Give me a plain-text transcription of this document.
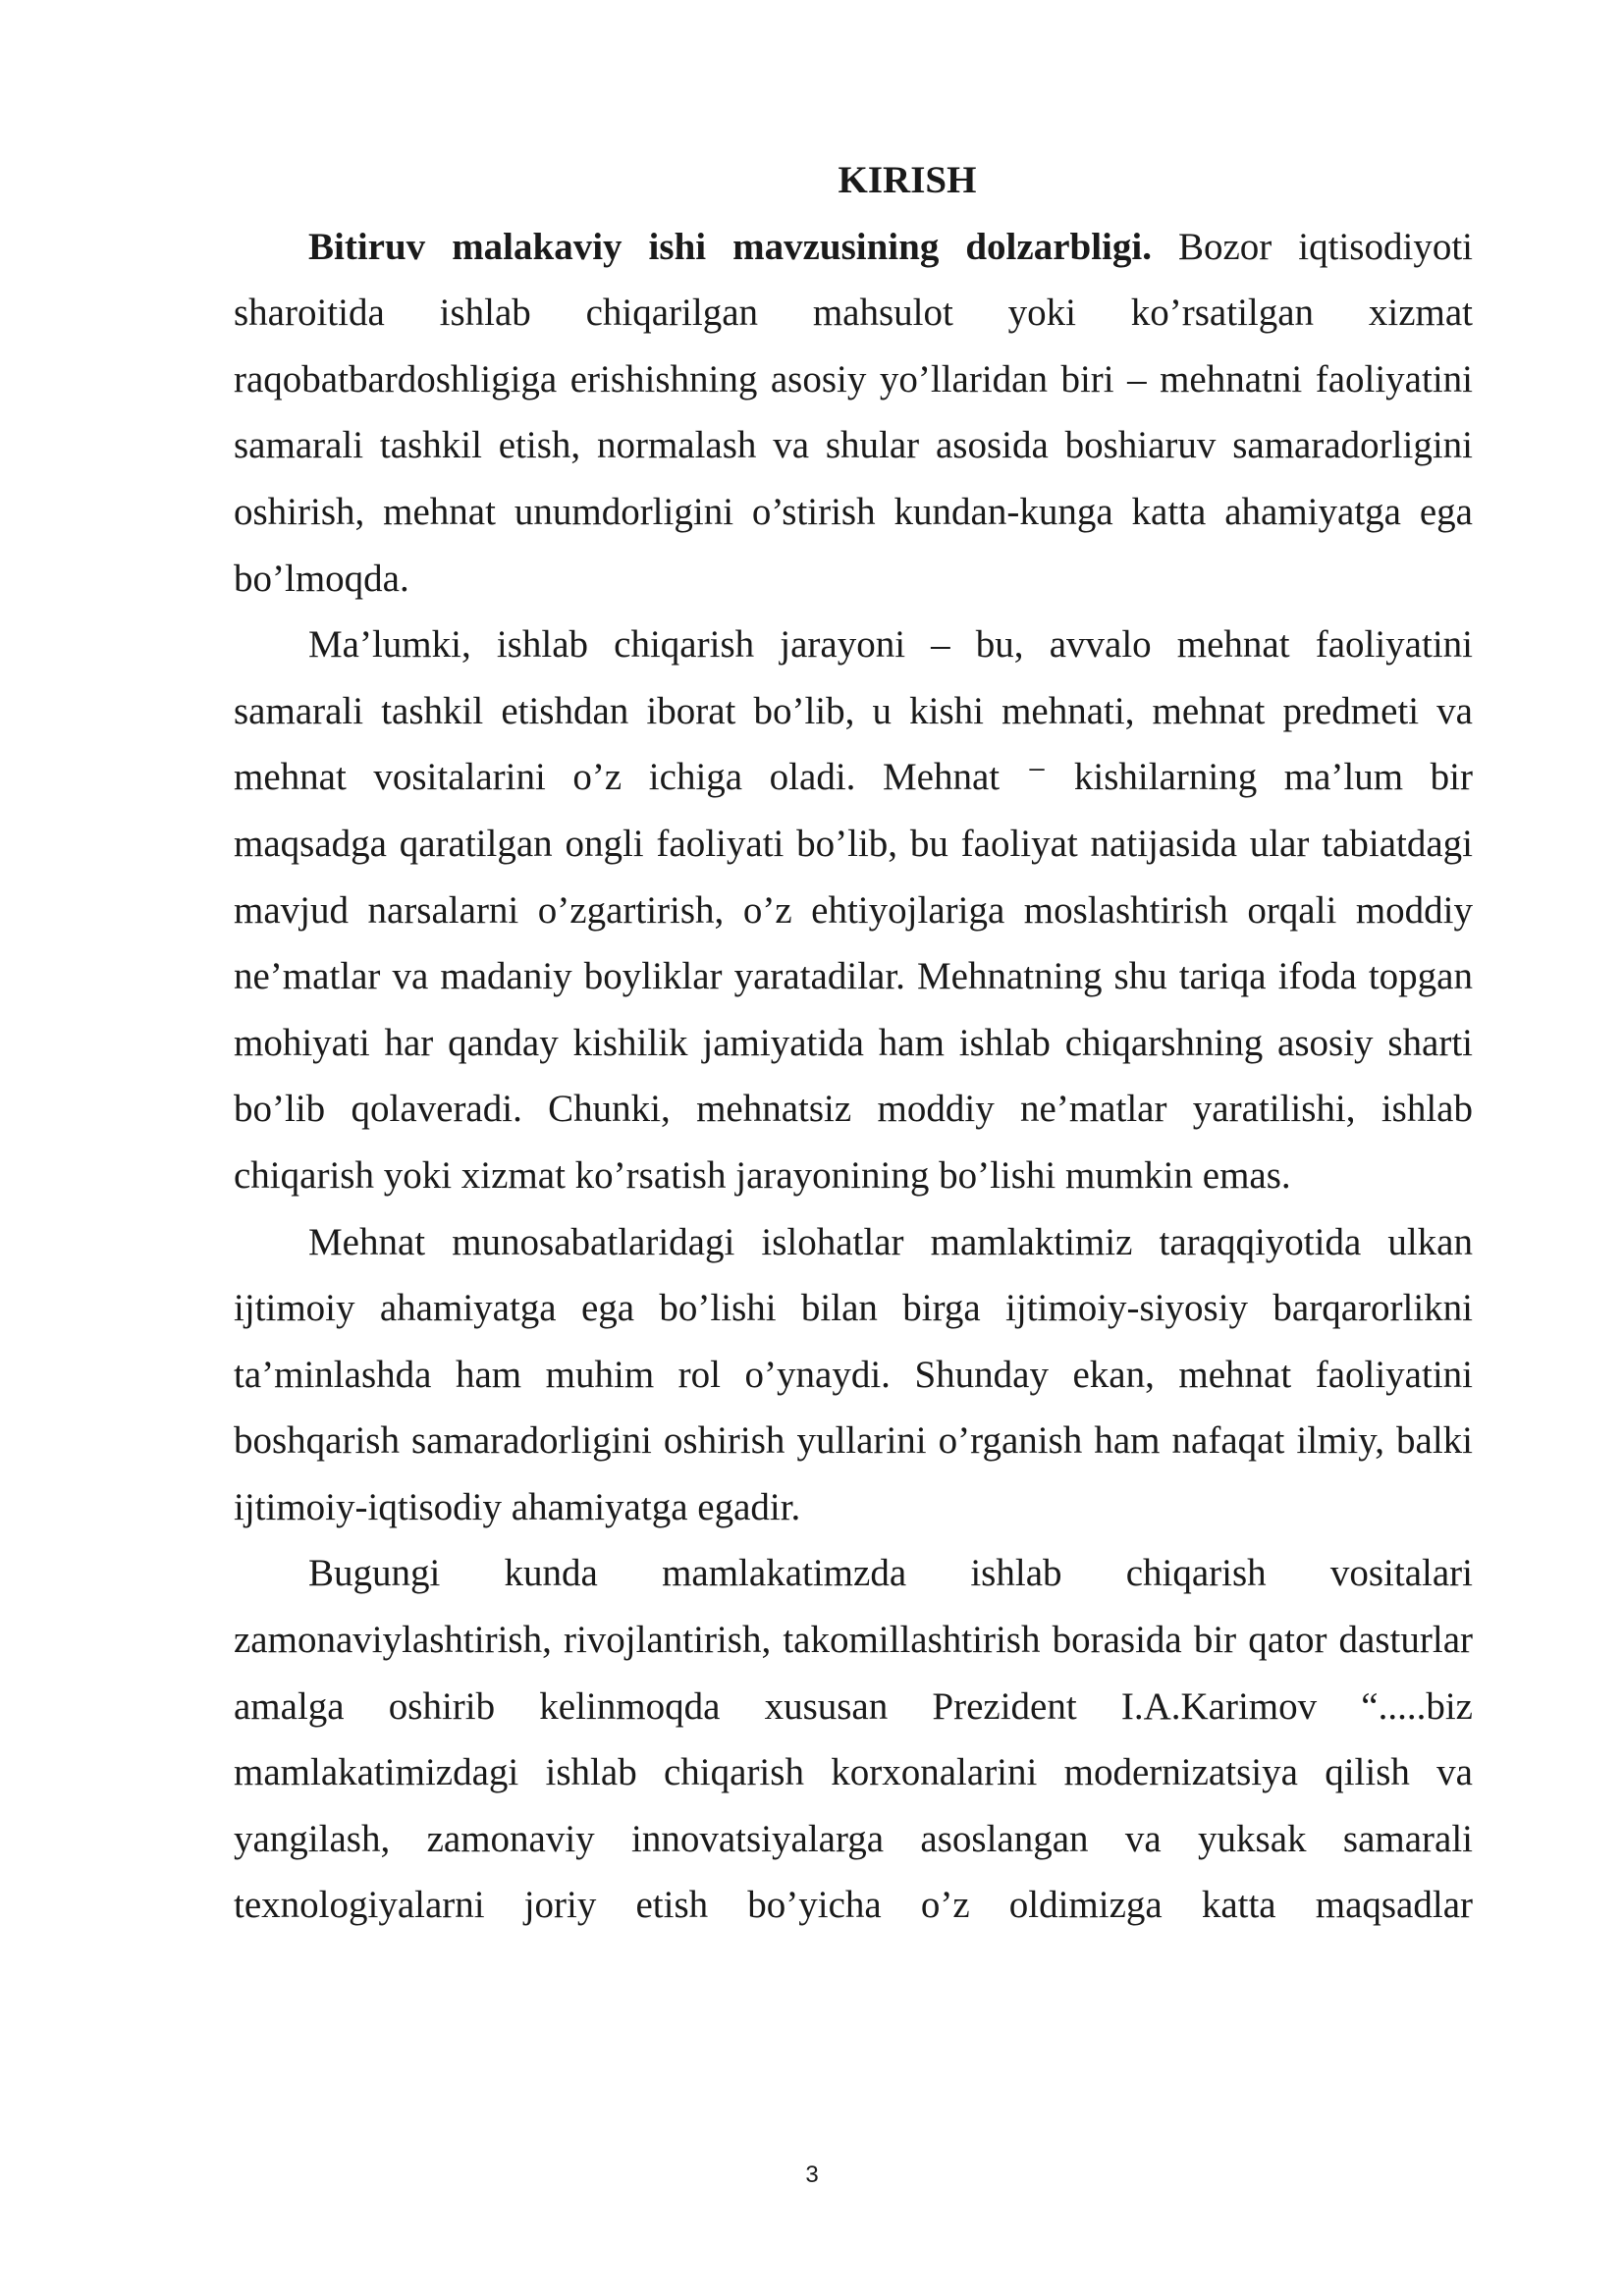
KIRISH

Bitiruv malakaviy ishi mavzusining dolzarbligi. Bozor iqtisodiyoti sharoitida ishlab chiqarilgan mahsulot yoki ko’rsatilgan xizmat raqobatbardoshligiga erishishning asosiy yo’llaridan biri – mehnatni faoliyatini samarali tashkil etish, normalash va shular asosida boshiaruv samaradorligini oshirish, mehnat unumdorligini o’stirish kundan-kunga katta ahamiyatga ega bo’lmoqda.

Ma’lumki, ishlab chiqarish jarayoni – bu, avvalo mehnat faoliyatini samarali tashkil etishdan iborat bo’lib, u kishi mehnati, mehnat predmeti va mehnat vositalarini o’z ichiga oladi. Mehnat ⁻ kishilarning ma’lum bir maqsadga qaratilgan ongli faoliyati bo’lib, bu faoliyat natijasida ular tabiatdagi mavjud narsalarni o’zgartirish, o’z ehtiyojlariga moslashtirish orqali moddiy ne’matlar va madaniy boyliklar yaratadilar. Mehnatning shu tariqa ifoda topgan mohiyati har qanday kishilik jamiyatida ham ishlab chiqarshning asosiy sharti bo’lib qolaveradi. Chunki, mehnatsiz moddiy ne’matlar yaratilishi, ishlab chiqarish yoki xizmat ko’rsatish jarayonining bo’lishi mumkin emas.

Mehnat munosabatlaridagi islohatlar mamlaktimiz taraqqiyotida ulkan ijtimoiy ahamiyatga ega bo’lishi bilan birga ijtimoiy-siyosiy barqarorlikni ta’minlashda ham muhim rol o’ynaydi. Shunday ekan, mehnat faoliyatini boshqarish samaradorligini oshirish yullarini o’rganish ham nafaqat ilmiy, balki ijtimoiy-iqtisodiy ahamiyatga egadir.

Bugungi kunda mamlakatimzda ishlab chiqarish vositalari zamonaviylashtirish, rivojlantirish, takomillashtirish borasida bir qator dasturlar amalga oshirib kelinmoqda xususan Prezident I.A.Karimov “.....biz mamlakatimizdagi ishlab chiqarish korxonalarini modernizatsiya qilish va yangilash, zamonaviy innovatsiyalarga asoslangan va yuksak samarali texnologiyalarni joriy etish bo’yicha o’z oldimizga katta maqsadlar

3
